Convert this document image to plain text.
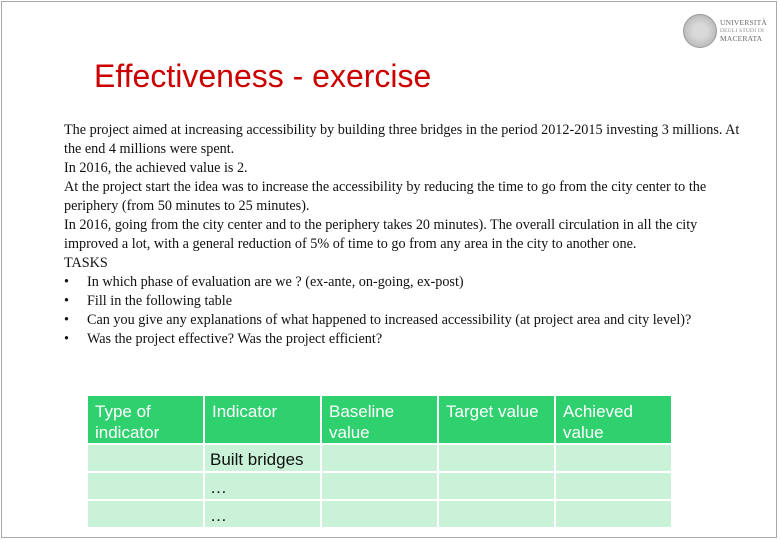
UNIVERSITÀ
DEGLI STUDI DI
MACERATA
Effectiveness - exercise

The project aimed at increasing accessibility by building three bridges in the period 2012-2015 investing 3 millions. At the end 4 millions were spent.

In 2016, the achieved value is 2.

At the project start the idea was to increase the accessibility by reducing the time to go from the city center to the periphery (from 50 minutes to 25 minutes).

In 2016, going from the city center and to the periphery takes 20 minutes). The overall circulation in all the city improved a lot, with a general reduction of 5% of time to go from any area in the city to another one.

TASKS

• In which phase of evaluation are we ? (ex-ante, on-going, ex-post)
• Fill in the following table
• Can you give any explanations of what happened to increased accessibility (at project area and city level)?
• Was the project effective? Was the project efficient?
Type of indicator	Indicator	Baseline value	Target value	Achieved value

	Built bridges			

	…			

	…			
